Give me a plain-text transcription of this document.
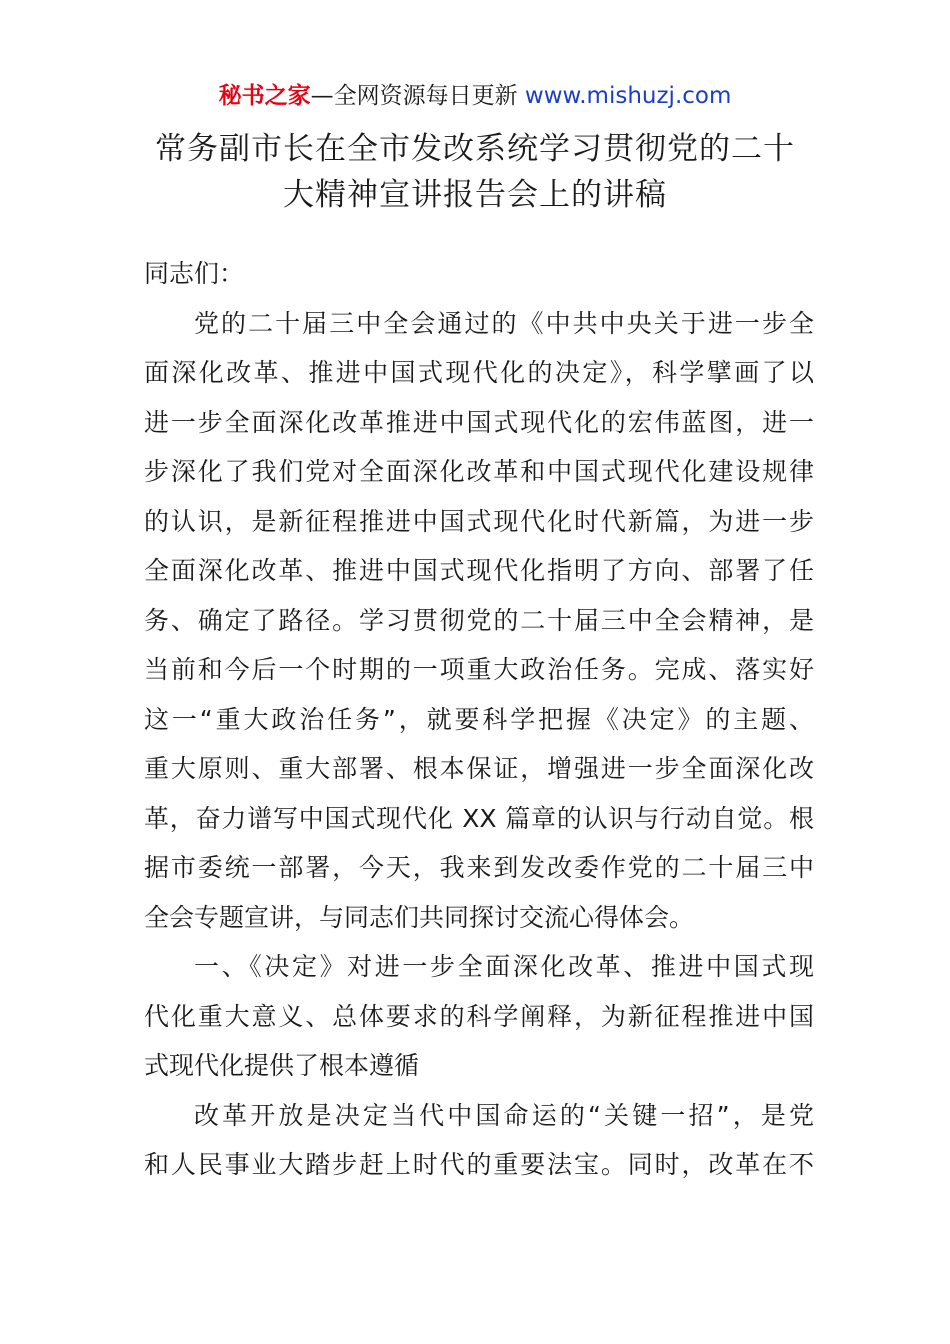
秘书之家—全网资源每日更新 www.mishuzj.com
常务副市长在全市发改系统学习贯彻党的二十
大精神宣讲报告会上的讲稿
同志们：
党的二十届三中全会通过的《中共中央关于进一步全
面深化改革、推进中国式现代化的决定》，科学擘画了以
进一步全面深化改革推进中国式现代化的宏伟蓝图，进一
步深化了我们党对全面深化改革和中国式现代化建设规律
的认识，是新征程推进中国式现代化时代新篇，为进一步
全面深化改革、推进中国式现代化指明了方向、部署了任
务、确定了路径。学习贯彻党的二十届三中全会精神，是
当前和今后一个时期的一项重大政治任务。完成、落实好
这一“重大政治任务”，就要科学把握《决定》的主题、
重大原则、重大部署、根本保证，增强进一步全面深化改
革，奋力谱写中国式现代化 XX 篇章的认识与行动自觉。根
据市委统一部署，今天，我来到发改委作党的二十届三中
全会专题宣讲，与同志们共同探讨交流心得体会。
一、《决定》对进一步全面深化改革、推进中国式现
代化重大意义、总体要求的科学阐释，为新征程推进中国
式现代化提供了根本遵循
改革开放是决定当代中国命运的“关键一招”，是党
和人民事业大踏步赶上时代的重要法宝。同时，改革在不
